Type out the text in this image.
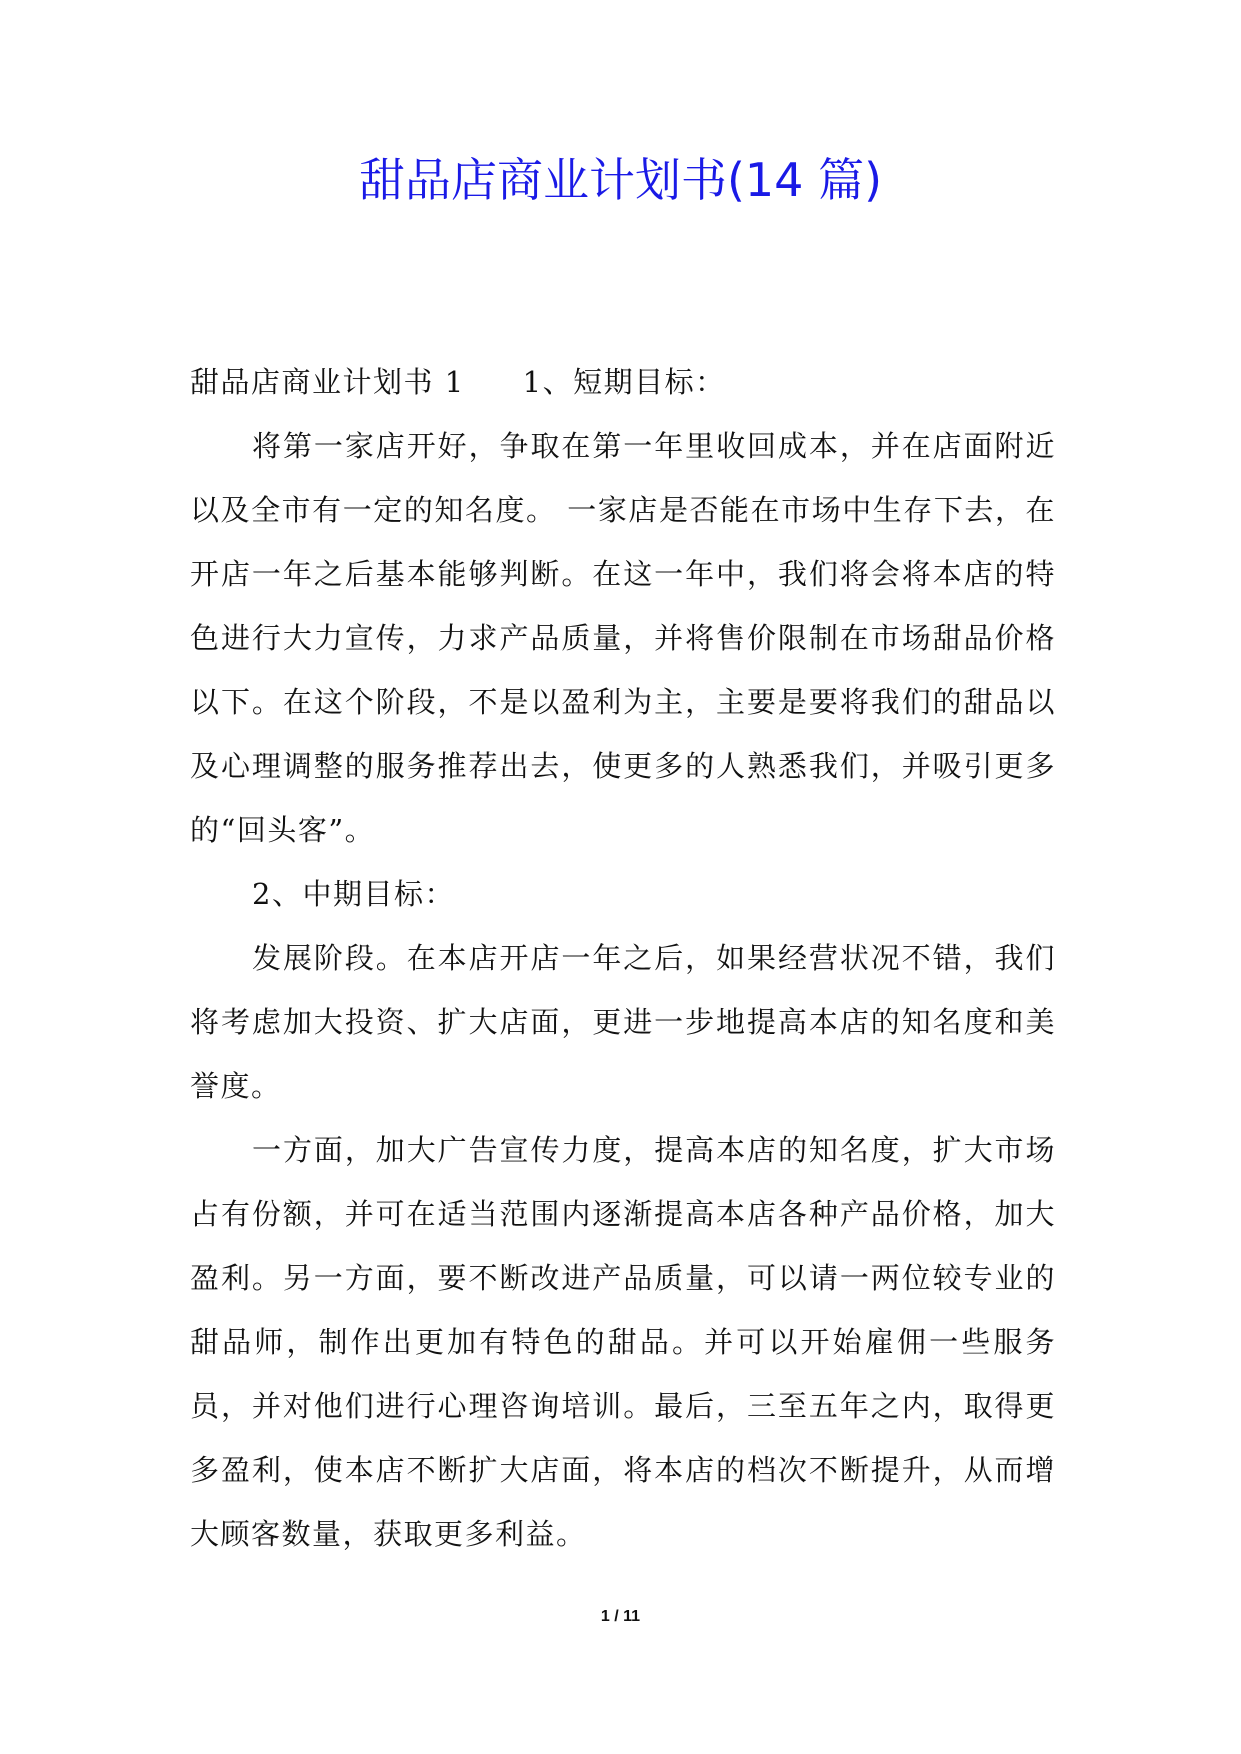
甜品店商业计划书(14 篇)

甜品店商业计划书 1 1、短期目标：

将第一家店开好，争取在第一年里收回成本，并在店面附近以及全市有一定的知名度。 一家店是否能在市场中生存下去，在开店一年之后基本能够判断。在这一年中，我们将会将本店的特色进行大力宣传，力求产品质量，并将售价限制在市场甜品价格以下。在这个阶段，不是以盈利为主，主要是要将我们的甜品以及心理调整的服务推荐出去，使更多的人熟悉我们，并吸引更多的“回头客”。

2、中期目标：

发展阶段。在本店开店一年之后，如果经营状况不错，我们将考虑加大投资、扩大店面，更进一步地提高本店的知名度和美誉度。

一方面，加大广告宣传力度，提高本店的知名度，扩大市场占有份额，并可在适当范围内逐渐提高本店各种产品价格，加大盈利。另一方面，要不断改进产品质量，可以请一两位较专业的甜品师，制作出更加有特色的甜品。并可以开始雇佣一些服务员，并对他们进行心理咨询培训。最后，三至五年之内，取得更多盈利，使本店不断扩大店面，将本店的档次不断提升，从而增大顾客数量，获取更多利益。

1 / 11
